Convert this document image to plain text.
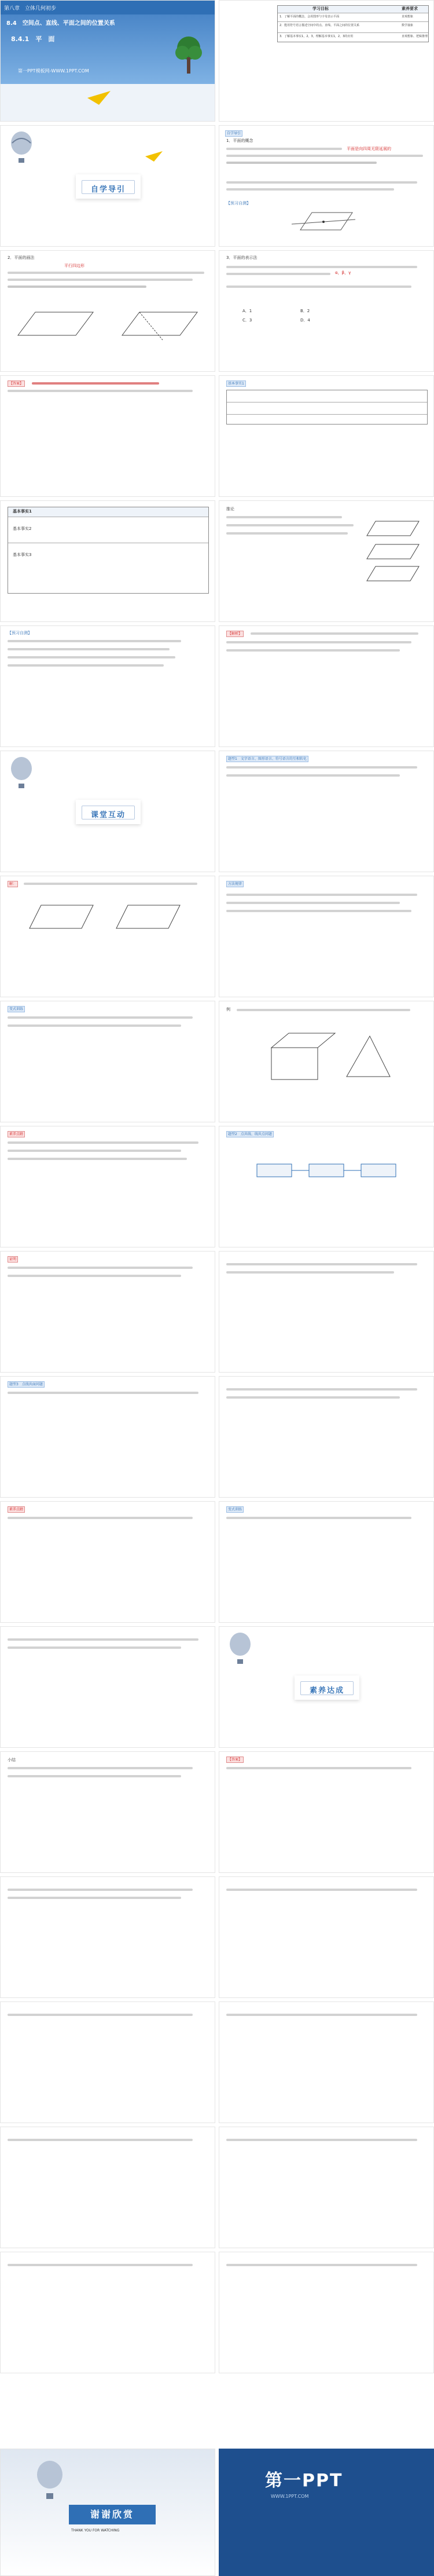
第八章　立体几何初步
8.4　空间点、直线、平面之间的位置关系
8.4.1　平　面
第一PPT模板网-WWW.1PPT.COM
学习目标	素养要求
1．了解平面的概念，会用图形与字母表示平面	直观想象
2．能用符号语言描述空间中的点、直线、平面之间的位置关系	数学抽象
3．了解基本事实1，2，3，理解基本事实1，2，3的应用	直观想象、逻辑推理
自学导引
自学导引
1．平面的概念
平面是向四周无限延展的
【预习自测】
2．平面的画法
平行四边形
3．平面的表示法
α，β，γ
A．1	B．2
C．3	D．4
【答案】	基本事实1
基本事实1
基本事实2
基本事实3
推论
【预习自测】	【解析】
课堂互动
题型1　文字语言、图形语言、符号语言的互相转化
解：	方法规律
变式训练	例
素养点睛	题型2　点共线、线共点问题
证明
题型3　点线共面问题
素养点睛	变式训练
素养达成
小结	【答案】
谢谢欣赏
THANK YOU FOR WATCHING
第一PPT
WWW.1PPT.COM
